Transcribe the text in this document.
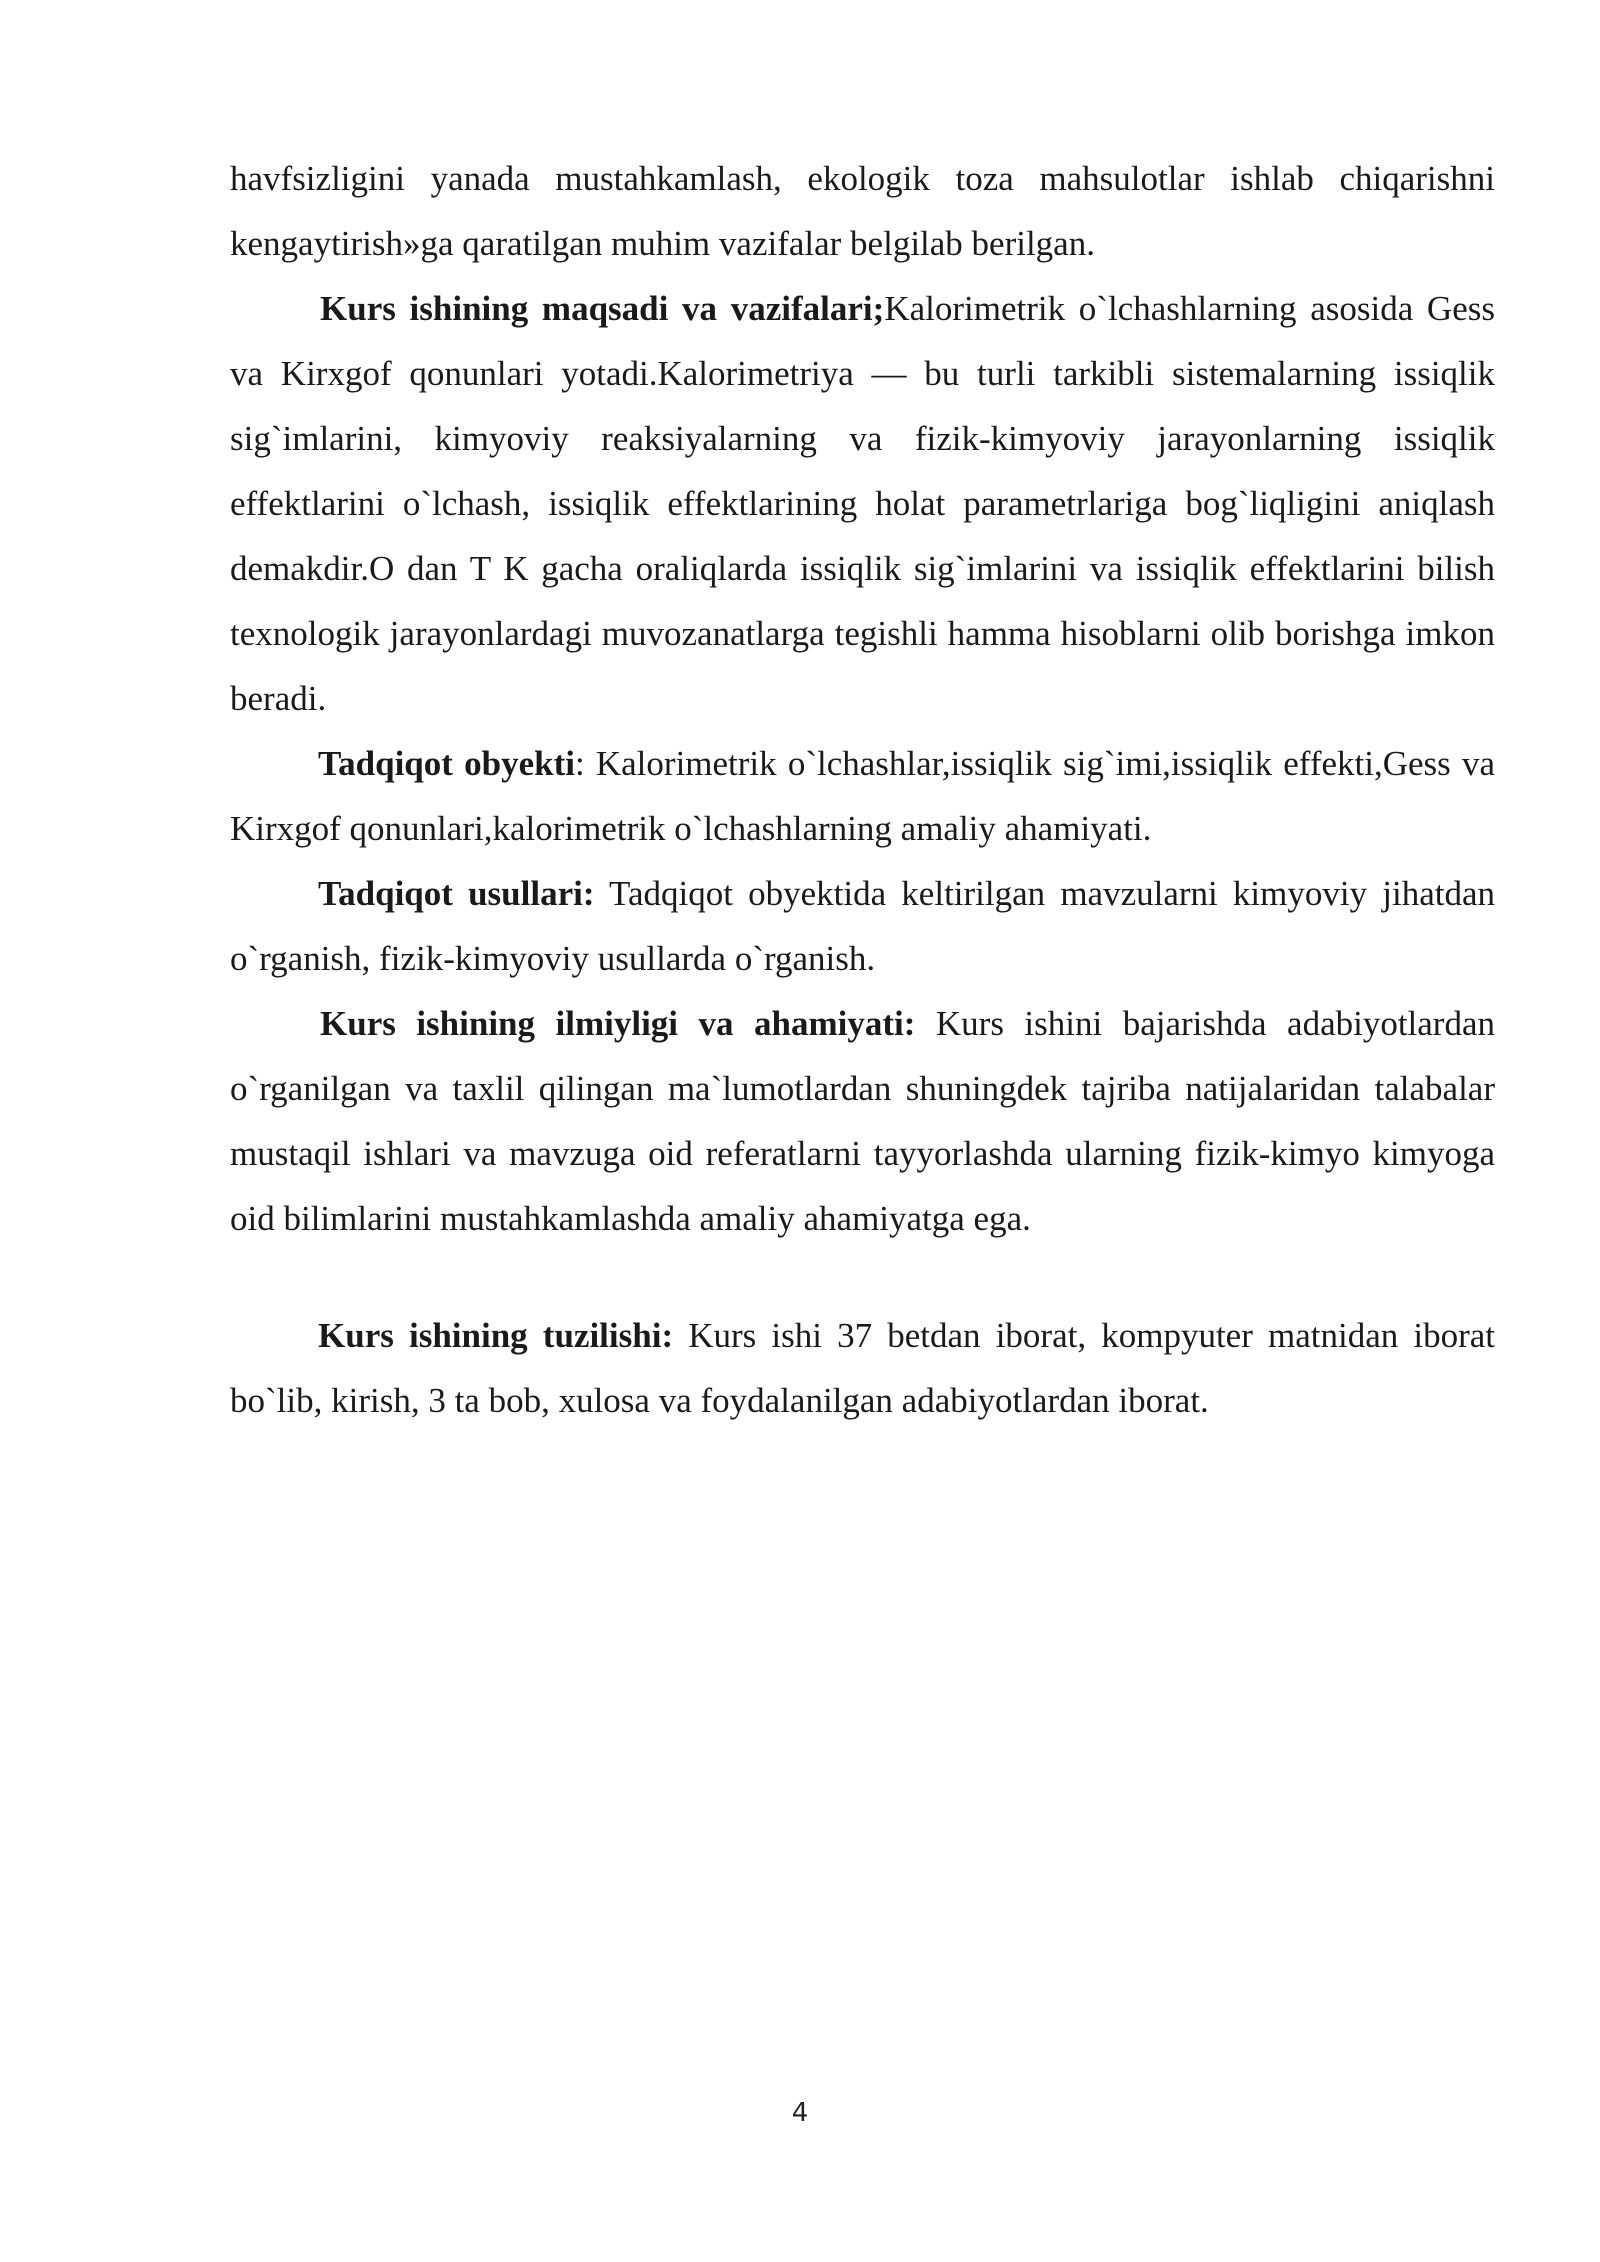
havfsizligini yanada mustahkamlash, ekologik toza mahsulotlar ishlab chiqarishni kengaytirish»ga qaratilgan muhim vazifalar belgilab berilgan.

Kurs ishining maqsadi va vazifalari;Kalorimetrik o`lchashlarning asosida Gess va Kirxgof qonunlari yotadi.Kalorimetriya — bu turli tarkibli sistemalarning issiqlik sig`imlarini, kimyoviy reaksiyalarning va fizik-kimyoviy jarayonlarning issiqlik effektlarini o`lchash, issiqlik effektlarining holat parametrlariga bog`liqligini aniqlash demakdir.O dan T K gacha oraliqlarda issiqlik sig`imlarini va issiqlik effektlarini bilish texnologik jarayonlardagi muvozanatlarga tegishli hamma hisoblarni olib borishga imkon beradi.

Tadqiqot obyekti: Kalorimetrik o`lchashlar,issiqlik sig`imi,issiqlik effekti,Gess va Kirxgof qonunlari,kalorimetrik o`lchashlarning amaliy ahamiyati.

Tadqiqot usullari: Tadqiqot obyektida keltirilgan mavzularni kimyoviy jihatdan o`rganish, fizik-kimyoviy usullarda o`rganish.

Kurs ishining ilmiyligi va ahamiyati: Kurs ishini bajarishda adabiyotlardan o`rganilgan va taxlil qilingan ma`lumotlardan shuningdek tajriba natijalaridan talabalar mustaqil ishlari va mavzuga oid referatlarni tayyorlashda ularning fizik-kimyo kimyoga oid bilimlarini mustahkamlashda amaliy ahamiyatga ega.

Kurs ishining tuzilishi: Kurs ishi 37 betdan iborat, kompyuter matnidan iborat bo`lib, kirish, 3 ta bob, xulosa va foydalanilgan adabiyotlardan iborat.

4
